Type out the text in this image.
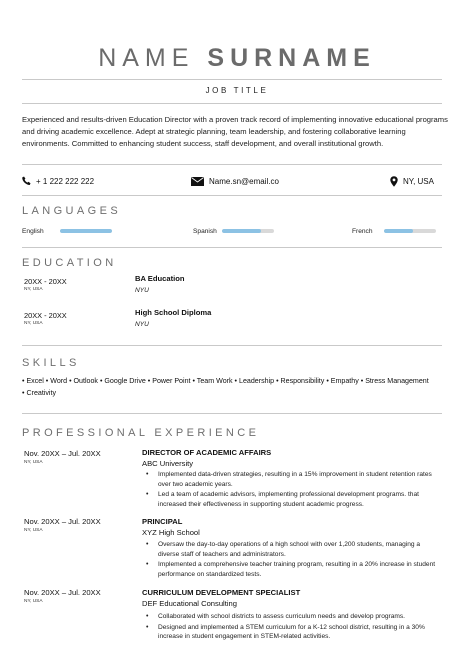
NAME SURNAME
JOB TITLE
Experienced and results-driven Education Director with a proven track record of implementing innovative educational programs and driving academic excellence. Adept at strategic planning, team leadership, and fostering collaborative learning environments. Committed to enhancing student success, staff development, and overall institutional growth.
+ 1 222 222 222	Name.sn@email.co	NY, USA
LANGUAGES
English	Spanish	French
EDUCATION
20XX - 20XX
NY, USA
BA Education
NYU
20XX - 20XX
NY, USA
High School Diploma
NYU
SKILLS
• Excel • Word • Outlook • Google Drive • Power Point • Team Work • Leadership • Responsibility • Empathy • Stress Management • Creativity
PROFESSIONAL EXPERIENCE
Nov. 20XX – Jul. 20XX
NY, USA
DIRECTOR OF ACADEMIC AFFAIRS
ABC University
• Implemented data-driven strategies, resulting in a 15% improvement in student retention rates over two academic years.
• Led a team of academic advisors, implementing professional development programs. that increased their effectiveness in supporting student academic progress.
Nov. 20XX – Jul. 20XX
NY, USA
PRINCIPAL
XYZ High School
• Oversaw the day-to-day operations of a high school with over 1,200 students, managing a diverse staff of teachers and administrators.
• Implemented a comprehensive teacher training program, resulting in a 20% increase in student performance on standardized tests.
Nov. 20XX – Jul. 20XX
NY, USA
CURRICULUM DEVELOPMENT SPECIALIST
DEF Educational Consulting
• Collaborated with school districts to assess curriculum needs and develop programs.
• Designed and implemented a STEM curriculum for a K-12 school district, resulting in a 30% increase in student engagement in STEM-related activities.
